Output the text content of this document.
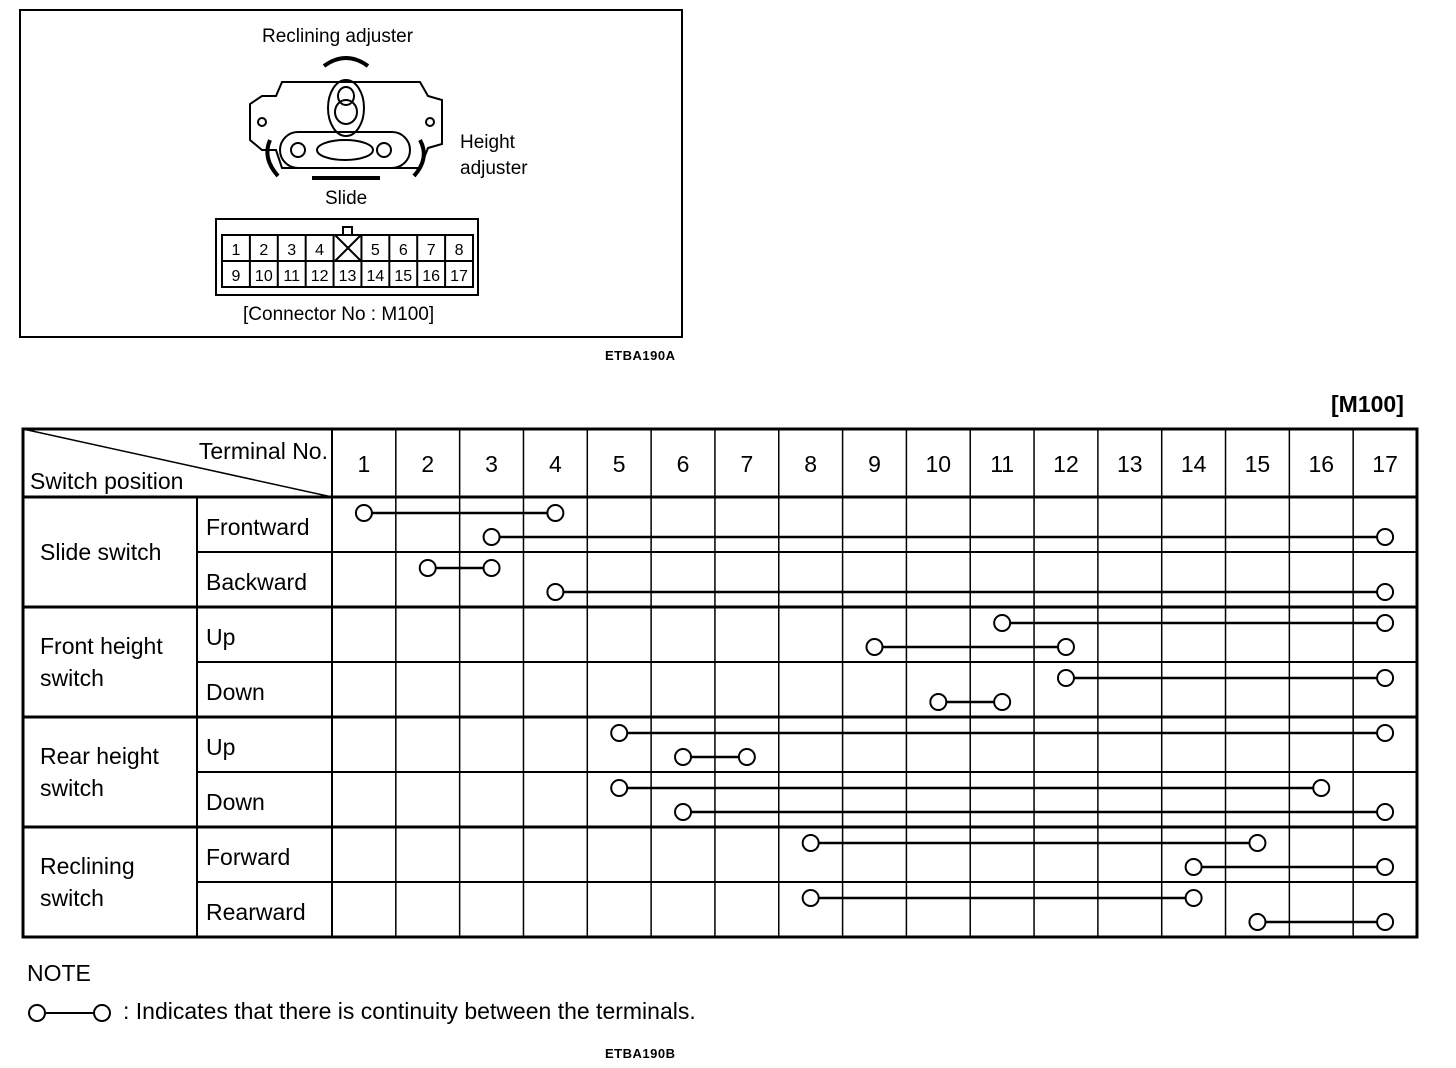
1 2 3 4	5 6 7 8
9 10 11 12 13 14 15 16 17
Reclining adjuster
Height
adjuster
Slide
[Connector No : M100]
ETBA190A
[M100]
1 2 3 4 5 6 7 8 9 10 11 12 13 14 15 16 17
Terminal No.
Switch position
Slide switch
Frontward
Backward
Front height
switch
Up
Down
Rear height
switch
Up
Down
Reclining
switch
Forward
Rearward
NOTE
: Indicates that there is continuity between the terminals.
ETBA190B
